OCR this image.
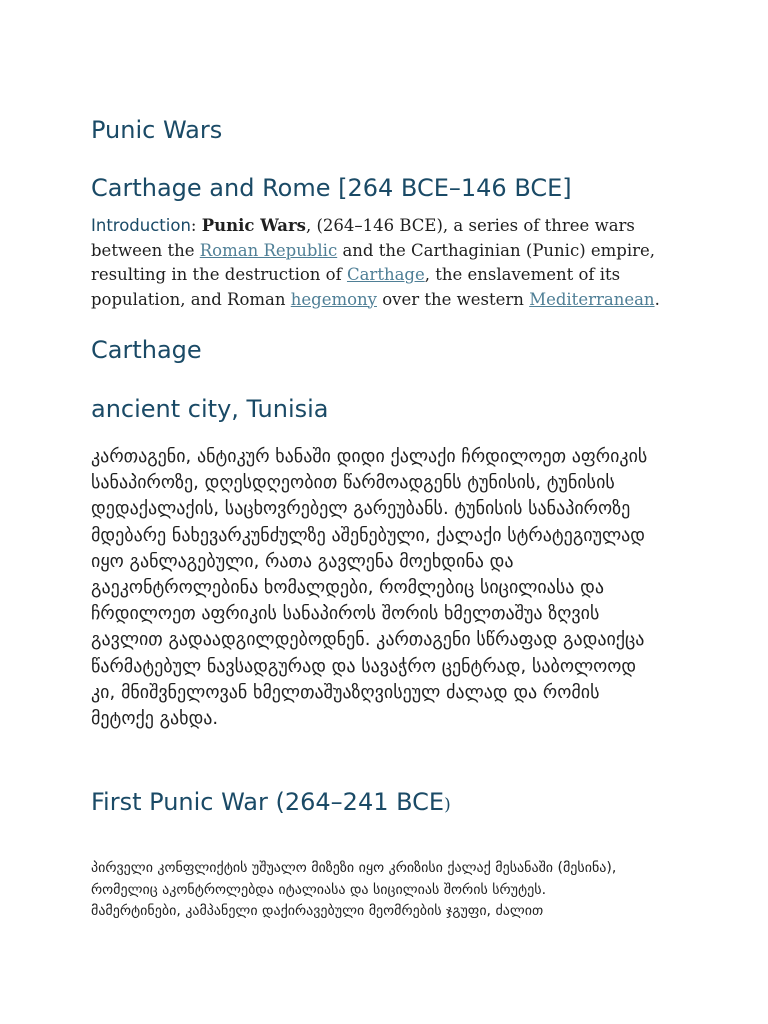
Punic Wars
Carthage and Rome [264 BCE–146 BCE]

Introduction: Punic Wars, (264–146 BCE), a series of three wars between the Roman Republic and the Carthaginian (Punic) empire, resulting in the destruction of Carthage, the enslavement of its population, and Roman hegemony over the western Mediterranean.

Carthage
ancient city, Tunisia

კართაგენი, ანტიკურ ხანაში დიდი ქალაქი ჩრდილოეთ აფრიკის
სანაპიროზე, დღესდღეობით წარმოადგენს ტუნისის, ტუნისის
დედაქალაქის, საცხოვრებელ გარეუბანს. ტუნისის სანაპიროზე
მდებარე ნახევარკუნძულზე აშენებული, ქალაქი სტრატეგიულად
იყო განლაგებული, რათა გავლენა მოეხდინა და
გაეკონტროლებინა ხომალდები, რომლებიც სიცილიასა და
ჩრდილოეთ აფრიკის სანაპიროს შორის ხმელთაშუა ზღვის
გავლით გადაადგილდებოდნენ. კართაგენი სწრაფად გადაიქცა
წარმატებულ ნავსადგურად და სავაჭრო ცენტრად, საბოლოოდ
კი, მნიშვნელოვან ხმელთაშუაზღვისეულ ძალად და რომის
მეტოქე გახდა.

First Punic War (264–241 BCE)

პირველი კონფლიქტის უშუალო მიზეზი იყო კრიზისი ქალაქ მესანაში (მესინა),
რომელიც აკონტროლებდა იტალიასა და სიცილიას შორის სრუტეს.
მამერტინები, კამპანელი დაქირავებული მეომრების ჯგუფი, ძალით
